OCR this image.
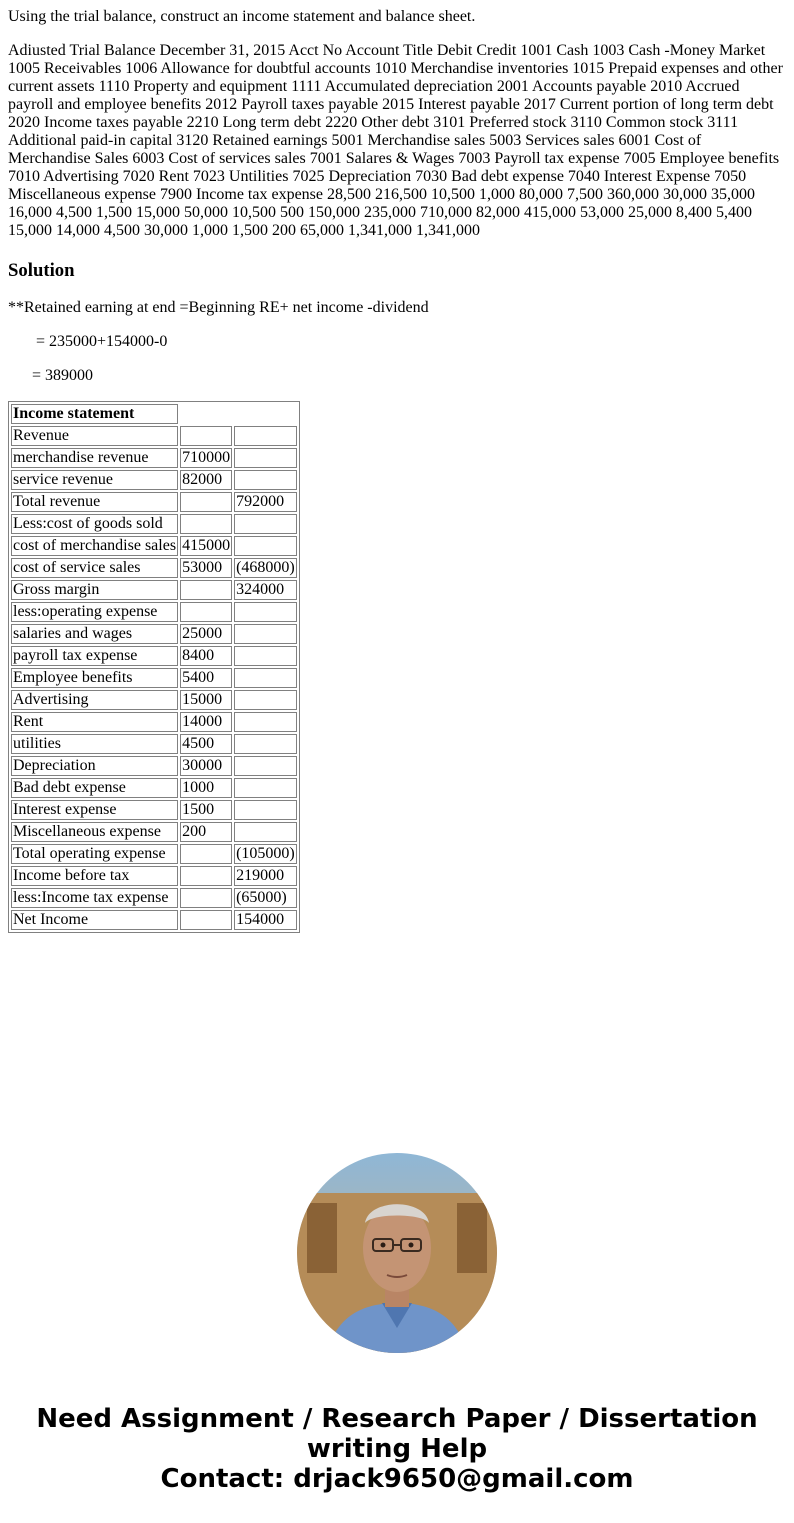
Using the trial balance, construct an income statement and balance sheet.

Adiusted Trial Balance December 31, 2015 Acct No Account Title Debit Credit 1001 Cash 1003 Cash -Money Market 1005 Receivables 1006 Allowance for doubtful accounts 1010 Merchandise inventories 1015 Prepaid expenses and other current assets 1110 Property and equipment 1111 Accumulated depreciation 2001 Accounts payable 2010 Accrued payroll and employee benefits 2012 Payroll taxes payable 2015 Interest payable 2017 Current portion of long term debt 2020 Income taxes payable 2210 Long term debt 2220 Other debt 3101 Preferred stock 3110 Common stock 3111 Additional paid-in capital 3120 Retained earnings 5001 Merchandise sales 5003 Services sales 6001 Cost of Merchandise Sales 6003 Cost of services sales 7001 Salares & Wages 7003 Payroll tax expense 7005 Employee benefits 7010 Advertising 7020 Rent 7023 Untilities 7025 Depreciation 7030 Bad debt expense 7040 Interest Expense 7050 Miscellaneous expense 7900 Income tax expense 28,500 216,500 10,500 1,000 80,000 7,500 360,000 30,000 35,000 16,000 4,500 1,500 15,000 50,000 10,500 500 150,000 235,000 710,000 82,000 415,000 53,000 25,000 8,400 5,400 15,000 14,000 4,500 30,000 1,000 1,500 200 65,000 1,341,000 1,341,000

Solution

**Retained earning at end =Beginning RE+ net income -dividend

= 235000+154000-0

= 389000

Income statement		
Revenue		
merchandise revenue	710000	
service revenue	82000	
Total revenue		792000
Less:cost of goods sold		
cost of merchandise sales	415000	
cost of service sales	53000	(468000)
Gross margin		324000
less:operating expense		
salaries and wages	25000	
payroll tax expense	8400	
Employee benefits	5400	
Advertising	15000	
Rent	14000	
utilities	4500	
Depreciation	30000	
Bad debt expense	1000	
Interest expense	1500	
Miscellaneous expense	200	
Total operating expense		(105000)
Income before tax		219000
less:Income tax expense		(65000)
Net Income		154000
Need Assignment / Research Paper / Dissertation
writing Help
Contact: drjack9650@gmail.com
